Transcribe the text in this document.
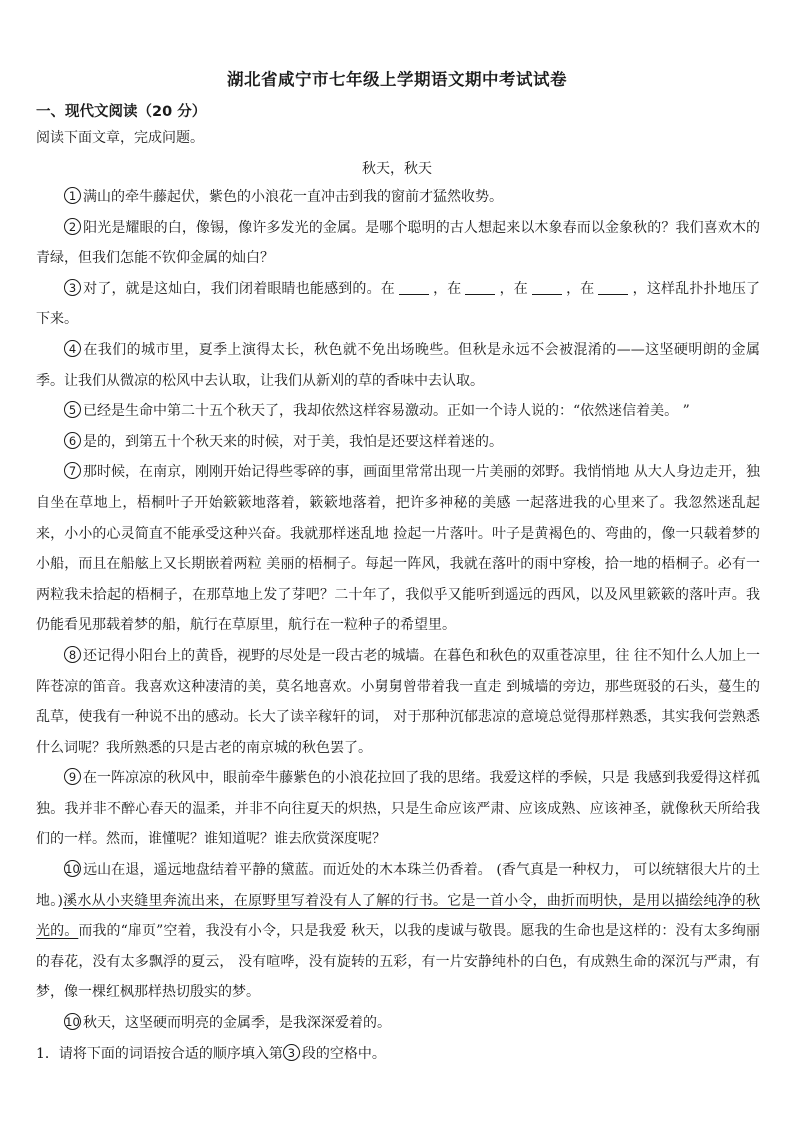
湖北省咸宁市七年级上学期语文期中考试试卷
一、现代文阅读（20 分）
阅读下面文章，完成问题。
秋天，秋天

1 满山的牵牛藤起伏，紫色的小浪花一直冲击到我的窗前才猛然收势。

2 阳光是耀眼的白，像锡，像许多发光的金属。是哪个聪明的古人想起来以木象春而以金象秋的？我们喜欢木的青绿，但我们怎能不钦仰金属的灿白？

3 对了，就是这灿白，我们闭着眼睛也能感到的。在	，在	，在	，在	，这样乱扑扑地压了下来。

4 在我们的城市里，夏季上演得太长，秋色就不免出场晚些。但秋是永远不会被混淆的——这坚硬明朗的金属季。让我们从微凉的松风中去认取，让我们从新刈的草的香味中去认取。

5 已经是生命中第二十五个秋天了，我却依然这样容易激动。正如一个诗人说的：“依然迷信着美。 ”

6 是的，到第五十个秋天来的时候，对于美，我怕是还要这样着迷的。

7 那时候，在南京，刚刚开始记得些零碎的事，画面里常常出现一片美丽的郊野。我悄悄地 从大人身边走开，独自坐在草地上，梧桐叶子开始簌簌地落着，簌簌地落着，把许多神秘的美感 一起落进我的心里来了。我忽然迷乱起来，小小的心灵简直不能承受这种兴奋。我就那样迷乱地 捡起一片落叶。叶子是黄褐色的、弯曲的，像一只载着梦的小船，而且在船舷上又长期嵌着两粒 美丽的梧桐子。每起一阵风，我就在落叶的雨中穿梭，拾一地的梧桐子。必有一两粒我未拾起的梧桐子，在那草地上发了芽吧？二十年了，我似乎又能听到遥远的西风，以及风里簌簌的落叶声。我仍能看见那载着梦的船，航行在草原里，航行在一粒种子的希望里。

8 还记得小阳台上的黄昏，视野的尽处是一段古老的城墙。在暮色和秋色的双重苍凉里，往 往不知什么人加上一阵苍凉的笛音。我喜欢这种凄清的美，莫名地喜欢。小舅舅曾带着我一直走 到城墙的旁边，那些斑驳的石头，蔓生的乱草，使我有一种说不出的感动。长大了读辛稼轩的词， 对于那种沉郁悲凉的意境总觉得那样熟悉，其实我何尝熟悉什么词呢？我所熟悉的只是古老的南京城的秋色罢了。

9 在一阵凉凉的秋风中，眼前牵牛藤紫色的小浪花拉回了我的思绪。我爱这样的季候，只是 我感到我爱得这样孤独。我并非不醉心春天的温柔，并非不向往夏天的炽热，只是生命应该严肃、应该成熟、应该神圣，就像秋天所给我们的一样。然而，谁懂呢？谁知道呢？谁去欣赏深度呢？

10 远山在退，遥远地盘结着平静的黛蓝。而近处的木本珠兰仍香着。 (香气真是一种权力， 可以统辖很大片的土地。)溪水从小夹缝里奔流出来，在原野里写着没有人了解的行书。它是一首小令，曲折而明快，是用以描绘纯净的秋光的。而我的“扉页”空着，我没有小令，只是我爱 秋天，以我的虔诚与敬畏。愿我的生命也是这样的：没有太多绚丽的春花，没有太多飘浮的夏云， 没有喧哗，没有旋转的五彩，有一片安静纯朴的白色，有成熟生命的深沉与严肃，有梦，像一棵红枫那样热切殷实的梦。

10 秋天，这坚硬而明亮的金属季，是我深深爱着的。

1．请将下面的词语按合适的顺序填入第 3 段的空格中。
